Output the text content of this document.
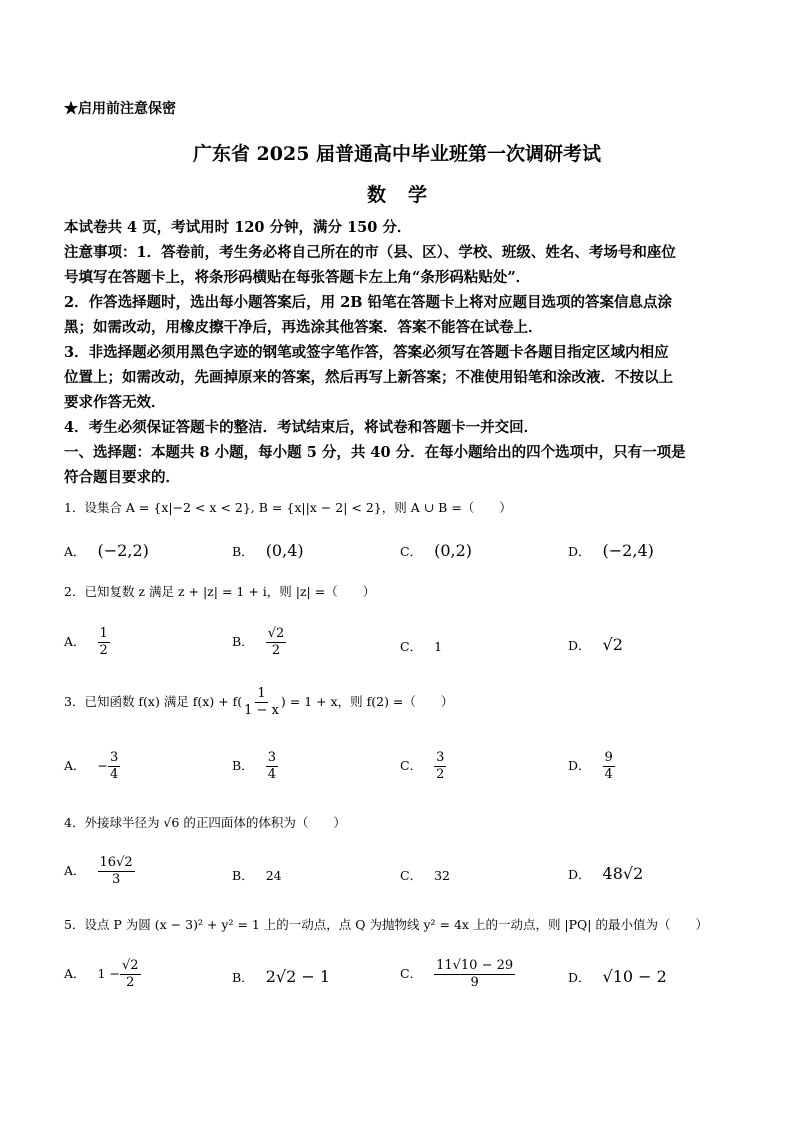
★启用前注意保密
广东省 2025 届普通高中毕业班第一次调研考试
数学
本试卷共 4 页，考试用时 120 分钟，满分 150 分．
注意事项：1．答卷前，考生务必将自己所在的市（县、区）、学校、班级、姓名、考场号和座位
号填写在答题卡上，将条形码横贴在每张答题卡左上角“条形码粘贴处”．
2．作答选择题时，选出每小题答案后，用 2B 铅笔在答题卡上将对应题目选项的答案信息点涂
黑；如需改动，用橡皮擦干净后，再选涂其他答案．答案不能答在试卷上．
3．非选择题必须用黑色字迹的钢笔或签字笔作答，答案必须写在答题卡各题目指定区域内相应
位置上；如需改动，先画掉原来的答案，然后再写上新答案；不准使用铅笔和涂改液．不按以上
要求作答无效．
4．考生必须保证答题卡的整洁．考试结束后，将试卷和答题卡一并交回．
一、选择题：本题共 8 小题，每小题 5 分，共 40 分．在每小题给出的四个选项中，只有一项是
符合题目要求的．
1．设集合 A = {x|−2 < x < 2}, B = {x||x − 2| < 2}，则 A ∪ B =（　　）
A． (−2,2)	B． (0,4)	C． (0,2)	D． (−2,4)
2．已知复数 z 满足 z + |z| = 1 + i，则 |z| =（　　）
A． $\frac{1}{2}$	B． $\frac{√2}{2}$	C． 1	D． √2
3．已知函数 f(x) 满足 $f(x) + f( \frac{1}{1 - x}$ ) = 1 + x，则 f(2) =（　　）
A． − $\frac{3}{4}$	B． $\frac{3}{4}$	C． $\frac{3}{2}$	D． $\frac{9}{4}$
4．外接球半径为 √6 的正四面体的体积为（　　）
A． $\frac{16√2}{3}$	B． 24	C． 32	D． 48√2
5．设点 P 为圆 (x − 3)² + y² = 1 上的一动点，点 Q 为抛物线 y² = 4x 上的一动点，则 |PQ| 的最小值为（　　）
A． $1 - \frac{√2}{2}$	B． 2√2 − 1	C． $\frac{11√10 - 29}{9}$	D． √10 − 2
